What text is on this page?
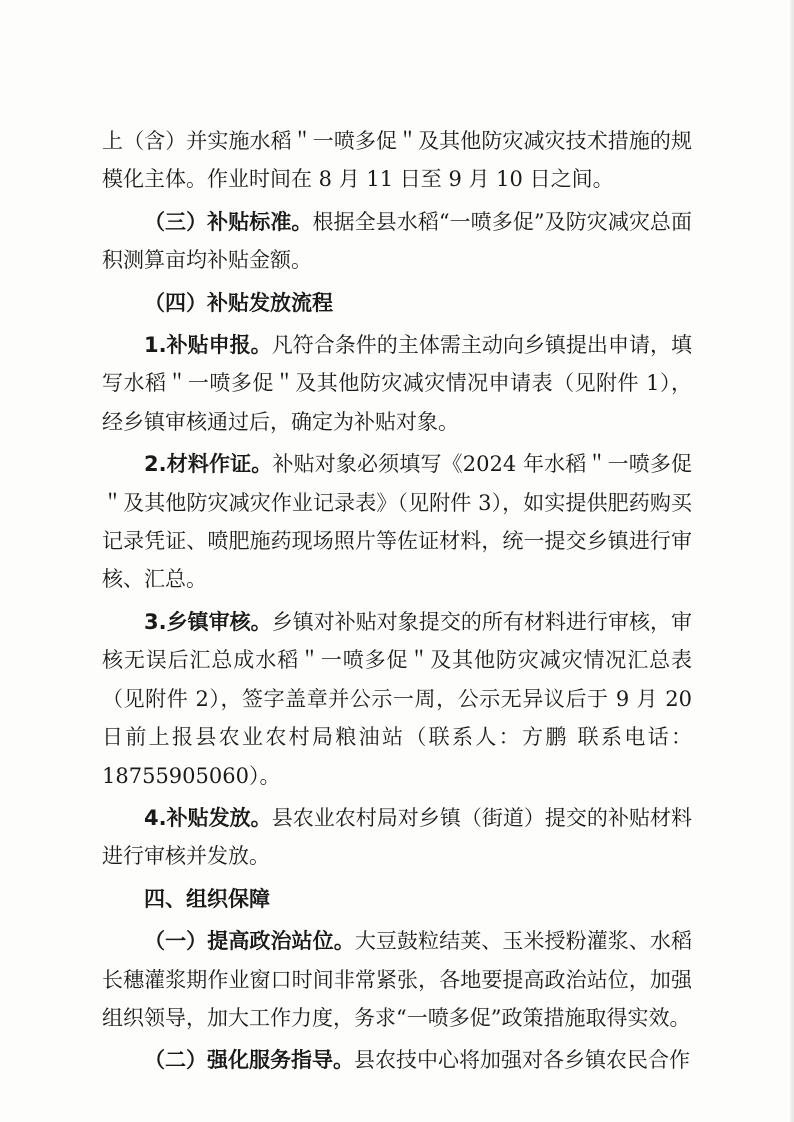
上（含）并实施水稻＂一喷多促＂及其他防灾减灾技术措施的规模化主体。作业时间在 8 月 11 日至 9 月 10 日之间。

（三）补贴标准。根据全县水稻“一喷多促”及防灾减灾总面积测算亩均补贴金额。

（四）补贴发放流程

1.补贴申报。凡符合条件的主体需主动向乡镇提出申请，填写水稻＂一喷多促＂及其他防灾减灾情况申请表（见附件 1），经乡镇审核通过后，确定为补贴对象。

2.材料作证。补贴对象必须填写《2024 年水稻＂一喷多促＂及其他防灾减灾作业记录表》（见附件 3），如实提供肥药购买记录凭证、喷肥施药现场照片等佐证材料，统一提交乡镇进行审核、汇总。

3.乡镇审核。乡镇对补贴对象提交的所有材料进行审核，审核无误后汇总成水稻＂一喷多促＂及其他防灾减灾情况汇总表（见附件 2），签字盖章并公示一周，公示无异议后于 9 月 20 日前上报县农业农村局粮油站（联系人：方鹏 联系电话：18755905060）。

4.补贴发放。县农业农村局对乡镇（街道）提交的补贴材料进行审核并发放。

四、组织保障

（一）提高政治站位。大豆鼓粒结荚、玉米授粉灌浆、水稻长穗灌浆期作业窗口时间非常紧张，各地要提高政治站位，加强组织领导，加大工作力度，务求“一喷多促”政策措施取得实效。

（二）强化服务指导。县农技中心将加强对各乡镇农民合作
